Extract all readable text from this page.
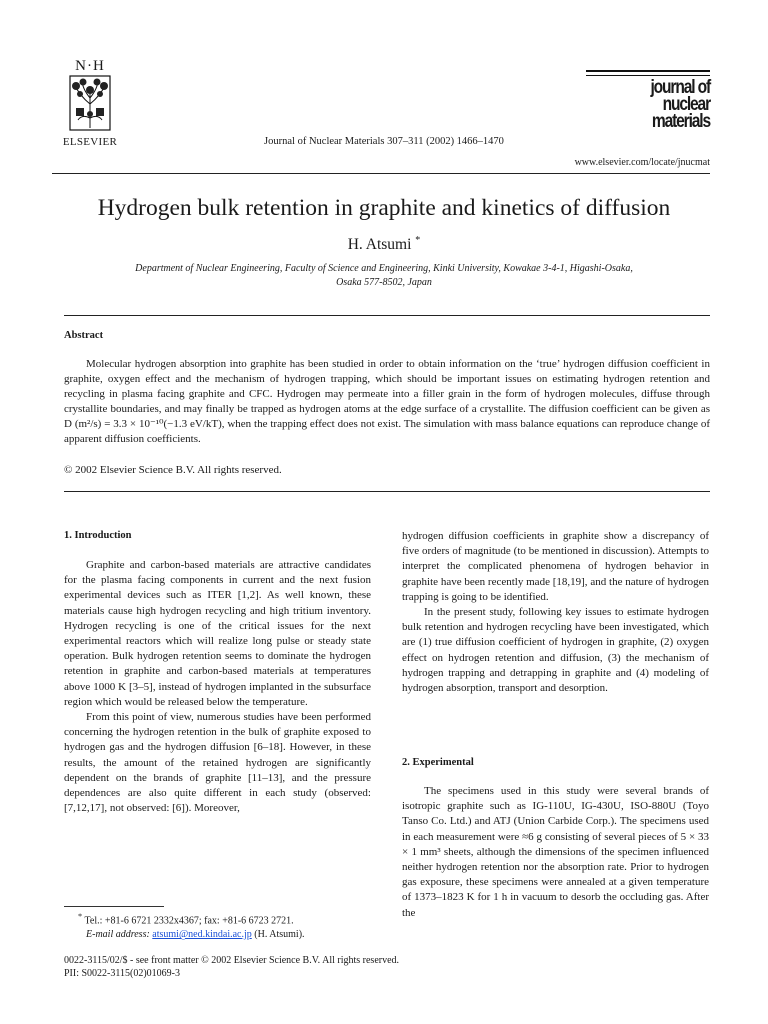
N·H
ELSEVIER	Journal of Nuclear Materials 307–311 (2002) 1466–1470
journal of
nuclear
materials
www.elsevier.com/locate/jnucmat
Hydrogen bulk retention in graphite and kinetics of diffusion
H. Atsumi *
Department of Nuclear Engineering, Faculty of Science and Engineering, Kinki University, Kowakae 3-4-1, Higashi-Osaka,
Osaka 577-8502, Japan
Abstract

Molecular hydrogen absorption into graphite has been studied in order to obtain information on the ‘true’ hydrogen diffusion coefficient in graphite, oxygen effect and the mechanism of hydrogen trapping, which should be important issues on estimating hydrogen retention and recycling in plasma facing graphite and CFC. Hydrogen may permeate into a filler grain in the form of hydrogen molecules, diffuse through crystallite boundaries, and may finally be trapped as hydrogen atoms at the edge surface of a crystallite. The diffusion coefficient can be given as D (m²/s) = 3.3 × 10⁻¹⁰(−1.3 eV/kT), when the trapping effect does not exist. The simulation with mass balance equations can reproduce change of apparent diffusion coefficients.

© 2002 Elsevier Science B.V. All rights reserved.
1. Introduction

Graphite and carbon-based materials are attractive candidates for the plasma facing components in current and the next fusion experimental devices such as ITER [1,2]. As well known, these materials cause high hydrogen recycling and high tritium inventory. Hydrogen recycling is one of the critical issues for the next experimental reactors which will realize long pulse or steady state operation. Bulk hydrogen retention seems to dominate the hydrogen retention in graphite and carbon-based materials at temperatures above 1000 K [3–5], instead of hydrogen implanted in the subsurface region which would be released below the temperature.

From this point of view, numerous studies have been performed concerning the hydrogen retention in the bulk of graphite exposed to hydrogen gas and the hydrogen diffusion [6–18]. However, in these results, the amount of the retained hydrogen are significantly dependent on the brands of graphite [11–13], and the pressure dependences are also quite different in each study (observed: [7,12,17], not observed: [6]). Moreover,

hydrogen diffusion coefficients in graphite show a discrepancy of five orders of magnitude (to be mentioned in discussion). Attempts to interpret the complicated phenomena of hydrogen behavior in graphite have been recently made [18,19], and the nature of hydrogen trapping is going to be identified.

In the present study, following key issues to estimate hydrogen bulk retention and hydrogen recycling have been investigated, which are (1) true diffusion coefficient of hydrogen in graphite, (2) oxygen effect on hydrogen retention and diffusion, (3) the mechanism of hydrogen trapping and detrapping in graphite and (4) modeling of hydrogen absorption, transport and desorption.

2. Experimental

The specimens used in this study were several brands of isotropic graphite such as IG-110U, IG-430U, ISO-880U (Toyo Tanso Co. Ltd.) and ATJ (Union Carbide Corp.). The specimens used in each measurement were ≈6 g consisting of several pieces of 5 × 33 × 1 mm³ sheets, although the dimensions of the specimen influenced neither hydrogen retention nor the absorption rate. Prior to hydrogen gas exposure, these specimens were annealed at a given temperature of 1373–1823 K for 1 h in vacuum to desorb the occluding gas. After the

* Tel.: +81-6 6721 2332x4367; fax: +81-6 6723 2721.
E-mail address: atsumi@ned.kindai.ac.jp (H. Atsumi).
0022-3115/02/$ - see front matter © 2002 Elsevier Science B.V. All rights reserved.
PII: S0022-3115(02)01069-3
